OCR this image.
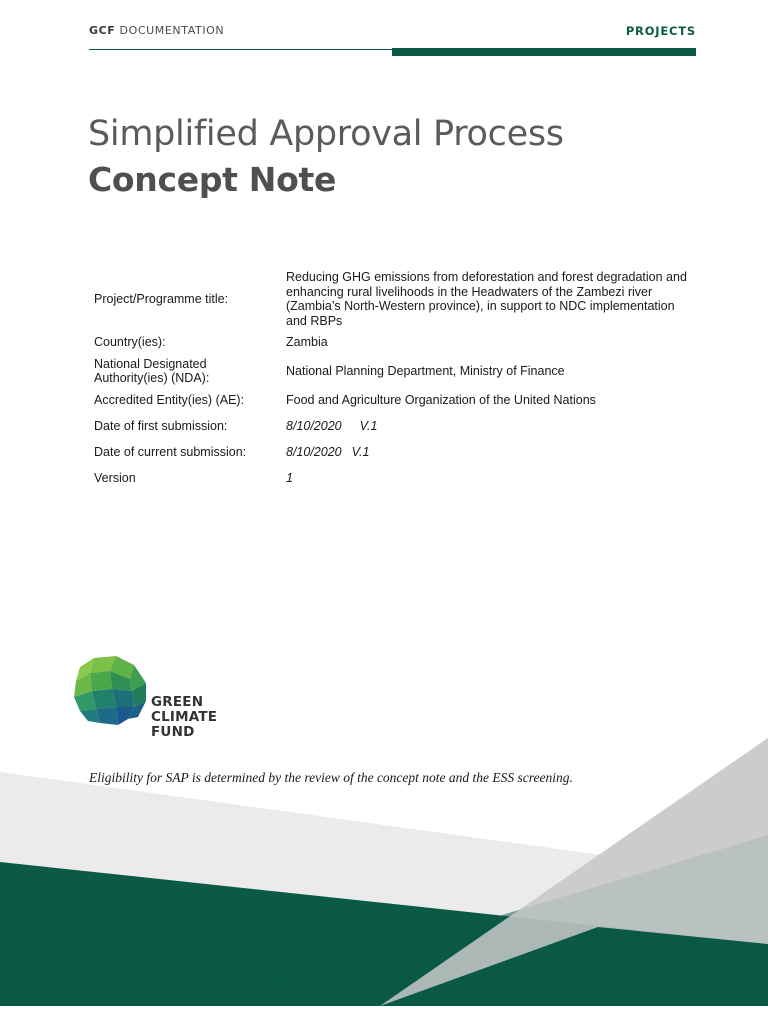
GCF DOCUMENTATION	PROJECTS
Simplified Approval Process
Concept Note
Project/Programme title:	Reducing GHG emissions from deforestation and forest degradation and enhancing rural livelihoods in the Headwaters of the Zambezi river (Zambia’s North-Western province), in support to NDC implementation and RBPs
Country(ies):	Zambia
National Designated Authority(ies) (NDA):	National Planning Department, Ministry of Finance
Accredited Entity(ies) (AE):	Food and Agriculture Organization of the United Nations
Date of first submission:	8/10/2020 V.1
Date of current submission:	8/10/2020 V.1
Version	1
GREEN
CLIMATE
FUND
Eligibility for SAP is determined by the review of the concept note and the ESS screening.
